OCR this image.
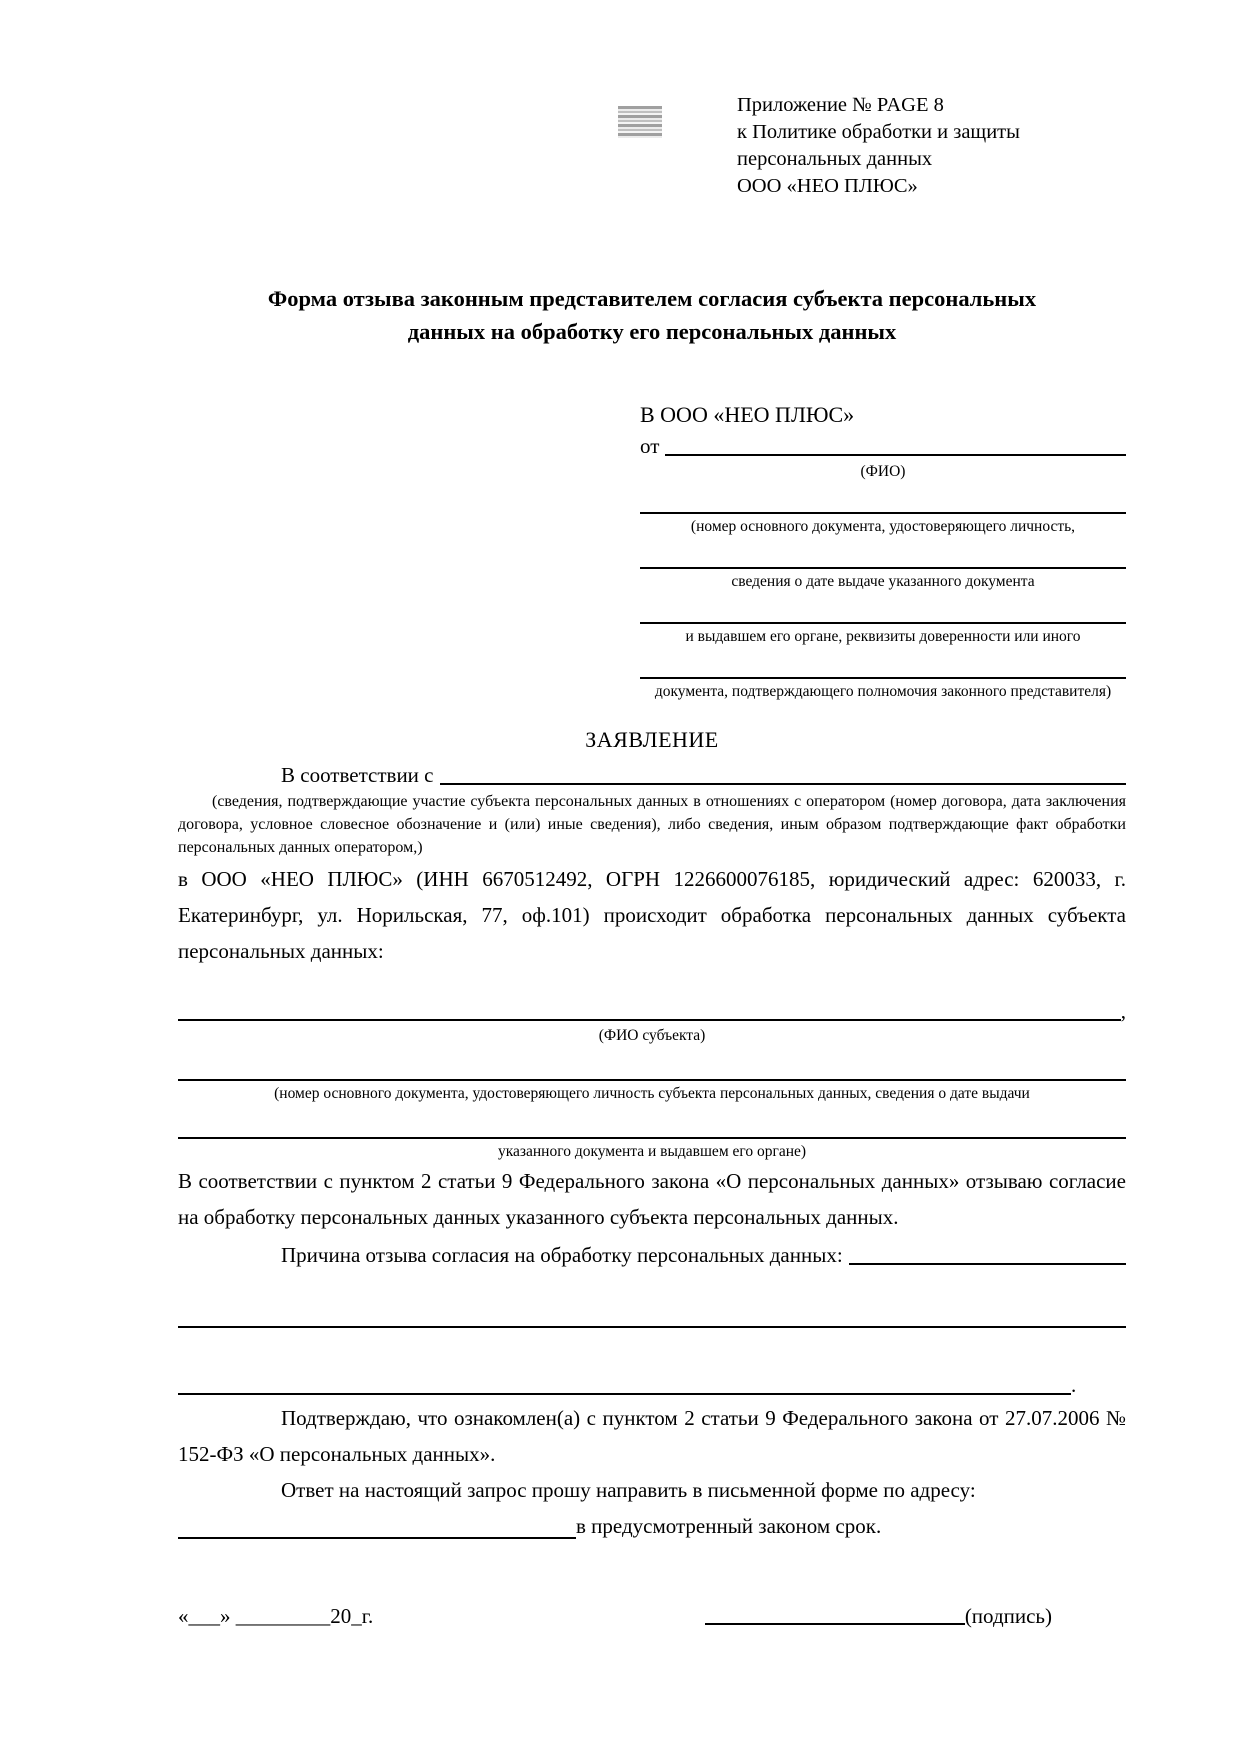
Приложение № PAGE 8
к Политике обработки и защиты
персональных данных
ООО «НЕО ПЛЮС»
Форма отзыва законным представителем согласия субъекта персональных данных на обработку его персональных данных
В ООО «НЕО ПЛЮС»
от
(ФИО)
(номер основного документа, удостоверяющего личность,
сведения о дате выдаче указанного документа
и выдавшем его органе, реквизиты доверенности или иного
документа, подтверждающего полномочия законного представителя)
ЗАЯВЛЕНИЕ
В соответствии с
(сведения, подтверждающие участие субъекта персональных данных в отношениях с оператором (номер договора, дата заключения договора, условное словесное обозначение и (или) иные сведения), либо сведения, иным образом подтверждающие факт обработки персональных данных оператором,)
в ООО «НЕО ПЛЮС» (ИНН 6670512492, ОГРН 1226600076185, юридический адрес: 620033, г. Екатеринбург, ул. Норильская, 77, оф.101) происходит обработка персональных данных субъекта персональных данных:
,
(ФИО субъекта)
(номер основного документа, удостоверяющего личность субъекта персональных данных, сведения о дате выдачи
указанного документа и выдавшем его органе)
В соответствии с пунктом 2 статьи 9 Федерального закона «О персональных данных» отзываю согласие на обработку персональных данных указанного субъекта персональных данных.
Причина отзыва согласия на обработку персональных данных:
.
Подтверждаю, что ознакомлен(а) с пунктом 2 статьи 9 Федерального закона от 27.07.2006 № 152-ФЗ «О персональных данных».
Ответ на настоящий запрос прошу направить в письменной форме по адресу:
в предусмотренный законом срок.
«___» _________20_г.	(подпись)
